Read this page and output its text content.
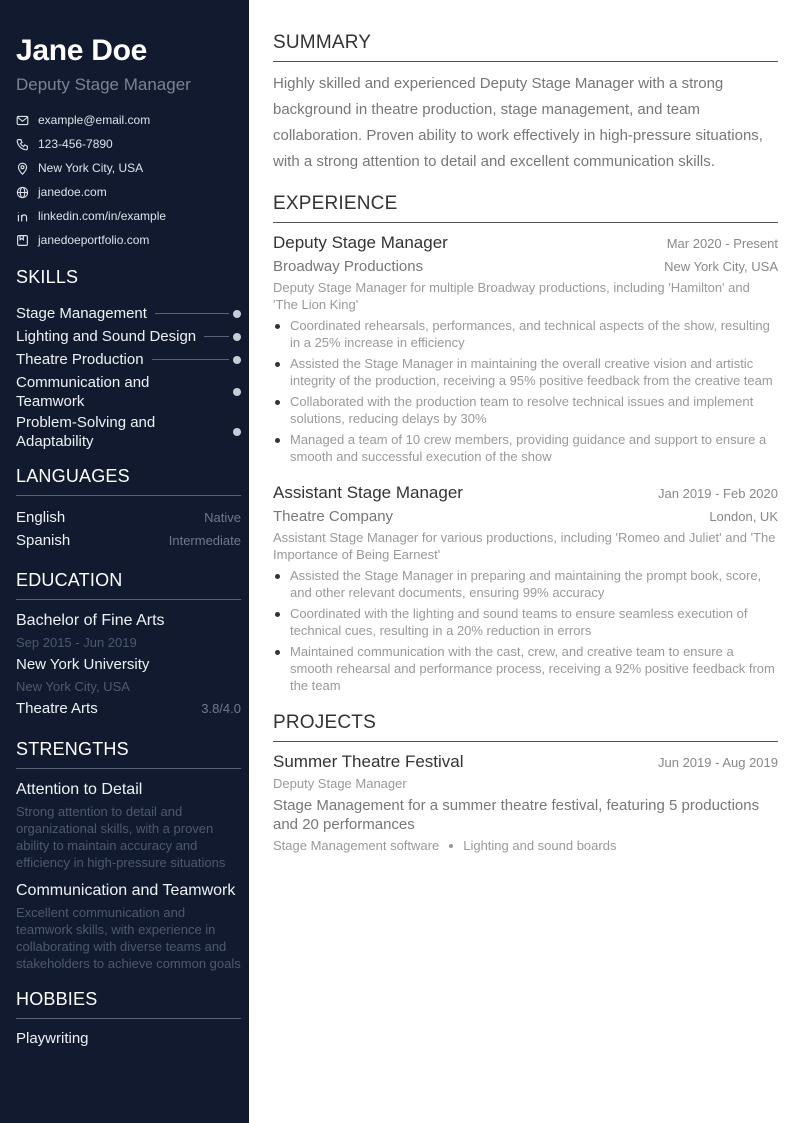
Jane Doe
Deputy Stage Manager
example@email.com
123-456-7890
New York City, USA
janedoe.com
linkedin.com/in/example
janedoeportfolio.com
SKILLS
Stage Management
Lighting and Sound Design
Theatre Production
Communication and Teamwork
Problem-Solving and Adaptability
LANGUAGES
English	Native
Spanish	Intermediate
EDUCATION
Bachelor of Fine Arts
Sep 2015 - Jun 2019
New York University
New York City, USA
Theatre Arts	3.8/4.0
STRENGTHS
Attention to Detail
Strong attention to detail and organizational skills, with a proven ability to maintain accuracy and efficiency in high-pressure situations
Communication and Teamwork
Excellent communication and teamwork skills, with experience in collaborating with diverse teams and stakeholders to achieve common goals
HOBBIES
Playwriting
SUMMARY

Highly skilled and experienced Deputy Stage Manager with a strong background in theatre production, stage management, and team collaboration. Proven ability to work effectively in high-pressure situations, with a strong attention to detail and excellent communication skills.

EXPERIENCE
Deputy Stage Manager	Mar 2020 - Present
Broadway Productions	New York City, USA
Deputy Stage Manager for multiple Broadway productions, including 'Hamilton' and 'The Lion King'
Coordinated rehearsals, performances, and technical aspects of the show, resulting in a 25% increase in efficiency
Assisted the Stage Manager in maintaining the overall creative vision and artistic integrity of the production, receiving a 95% positive feedback from the creative team
Collaborated with the production team to resolve technical issues and implement solutions, reducing delays by 30%
Managed a team of 10 crew members, providing guidance and support to ensure a smooth and successful execution of the show
Assistant Stage Manager	Jan 2019 - Feb 2020
Theatre Company	London, UK
Assistant Stage Manager for various productions, including 'Romeo and Juliet' and 'The Importance of Being Earnest'
Assisted the Stage Manager in preparing and maintaining the prompt book, score, and other relevant documents, ensuring 99% accuracy
Coordinated with the lighting and sound teams to ensure seamless execution of technical cues, resulting in a 20% reduction in errors
Maintained communication with the cast, crew, and creative team to ensure a smooth rehearsal and performance process, receiving a 92% positive feedback from the team
PROJECTS
Summer Theatre Festival	Jun 2019 - Aug 2019
Deputy Stage Manager
Stage Management for a summer theatre festival, featuring 5 productions and 20 performances
Stage Management software Lighting and sound boards
